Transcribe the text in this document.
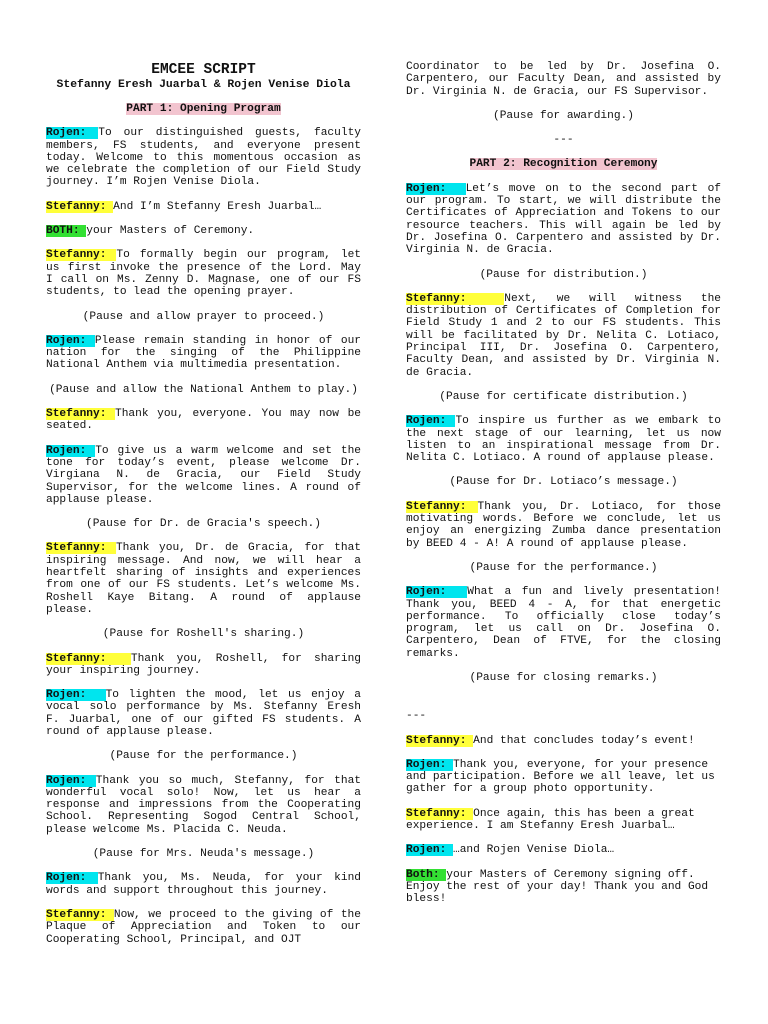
EMCEE SCRIPT
Stefanny Eresh Juarbal & Rojen Venise Diola
PART 1: Opening Program
Rojen: To our distinguished guests, faculty members, FS students, and everyone present today. Welcome to this momentous occasion as we celebrate the completion of our Field Study journey. I’m Rojen Venise Diola.
Stefanny: And I’m Stefanny Eresh Juarbal…
BOTH: your Masters of Ceremony.
Stefanny: To formally begin our program, let us first invoke the presence of the Lord. May I call on Ms. Zenny D. Magnase, one of our FS students, to lead the opening prayer.
(Pause and allow prayer to proceed.)
Rojen: Please remain standing in honor of our nation for the singing of the Philippine National Anthem via multimedia presentation.
(Pause and allow the National Anthem to play.)
Stefanny: Thank you, everyone. You may now be seated.
Rojen: To give us a warm welcome and set the tone for today’s event, please welcome Dr. Virgiana N. de Gracia, our Field Study Supervisor, for the welcome lines. A round of applause please.
(Pause for Dr. de Gracia's speech.)
Stefanny: Thank you, Dr. de Gracia, for that inspiring message. And now, we will hear a heartfelt sharing of insights and experiences from one of our FS students. Let’s welcome Ms. Roshell Kaye Bitang. A round of applause please.
(Pause for Roshell's sharing.)
Stefanny:  Thank you, Roshell, for sharing your inspiring journey.
Rojen:  To lighten the mood, let us enjoy a vocal solo performance by Ms. Stefanny Eresh F. Juarbal, one of our gifted FS students. A round of applause please.
(Pause for the performance.)
Rojen: Thank you so much, Stefanny, for that wonderful vocal solo! Now, let us hear a response and impressions from the Cooperating School. Representing Sogod Central School, please welcome Ms. Placida C. Neuda.
(Pause for Mrs. Neuda's message.)
Rojen: Thank you, Ms. Neuda, for your kind words and support throughout this journey.
Stefanny: Now, we proceed to the giving of the Plaque of Appreciation and Token to our Cooperating School, Principal, and OJT
Coordinator to be led by Dr. Josefina O. Carpentero, our Faculty Dean, and assisted by Dr. Virginia N. de Gracia, our FS Supervisor.
(Pause for awarding.)
---
PART 2: Recognition Ceremony
Rojen:  Let’s move on to the second part of our program. To start, we will distribute the Certificates of Appreciation and Tokens to our resource teachers. This will again be led by Dr. Josefina O. Carpentero and assisted by Dr. Virginia N. de Gracia.
(Pause for distribution.)
Stefanny:  Next, we will witness the distribution of Certificates of Completion for Field Study 1 and 2 to our FS students. This will be facilitated by Dr. Nelita C. Lotiaco, Principal III, Dr. Josefina O. Carpentero, Faculty Dean, and assisted by Dr. Virginia N. de Gracia.
(Pause for certificate distribution.)
Rojen: To inspire us further as we embark to the next stage of our learning, let us now listen to an inspirational message from Dr. Nelita C. Lotiaco. A round of applause please.
(Pause for Dr. Lotiaco’s message.)
Stefanny: Thank you, Dr. Lotiaco, for those motivating words. Before we conclude, let us enjoy an energizing Zumba dance presentation by BEED 4 - A! A round of applause please.
(Pause for the performance.)
Rojen:  What a fun and lively presentation! Thank you, BEED 4 - A, for that energetic performance. To officially close today’s program, let us call on Dr. Josefina O. Carpentero, Dean of FTVE, for the closing remarks.
(Pause for closing remarks.)
---
Stefanny: And that concludes today’s event!
Rojen: Thank you, everyone, for your presence and participation. Before we all leave, let us gather for a group photo opportunity.
Stefanny: Once again, this has been a great experience. I am Stefanny Eresh Juarbal…
Rojen: …and Rojen Venise Diola…
Both: your Masters of Ceremony signing off. Enjoy the rest of your day! Thank you and God bless!
